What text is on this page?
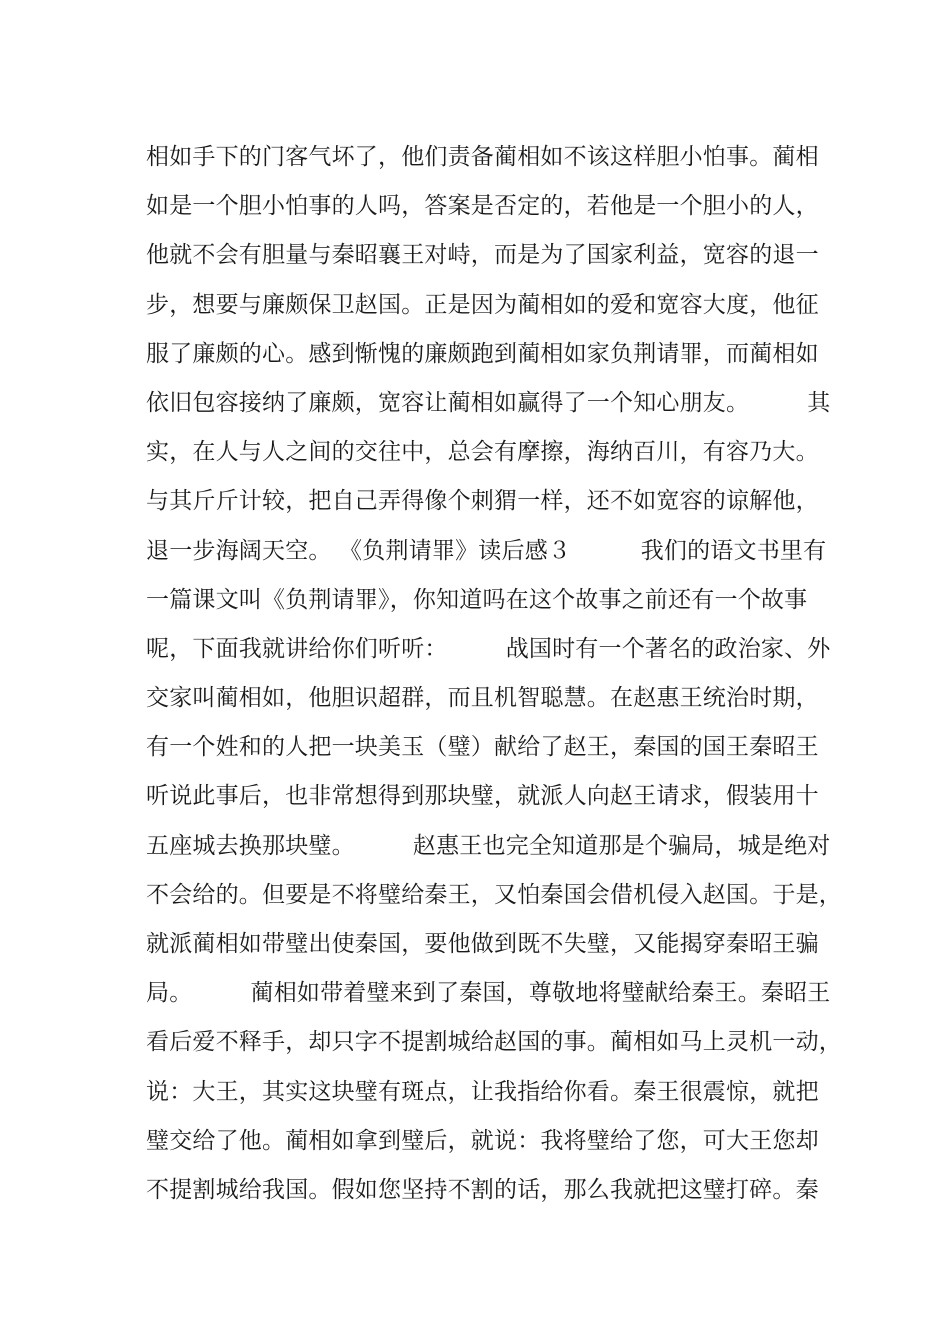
相如手下的门客气坏了，他们责备蔺相如不该这样胆小怕事。蔺相
如是一个胆小怕事的人吗，答案是否定的，若他是一个胆小的人，
他就不会有胆量与秦昭襄王对峙，而是为了国家利益，宽容的退一
步，想要与廉颇保卫赵国。正是因为蔺相如的爱和宽容大度，他征
服了廉颇的心。感到惭愧的廉颇跑到蔺相如家负荆请罪，而蔺相如
依旧包容接纳了廉颇，宽容让蔺相如赢得了一个知心朋友。　　　其
实，在人与人之间的交往中，总会有摩擦，海纳百川，有容乃大。
与其斤斤计较，把自己弄得像个刺猬一样，还不如宽容的谅解他，
退一步海阔天空。 《负荆请罪》读后感３　　　我们的语文书里有
一篇课文叫《负荆请罪》，你知道吗在这个故事之前还有一个故事
呢，下面我就讲给你们听听：　　　战国时有一个著名的政治家、外
交家叫蔺相如，他胆识超群，而且机智聪慧。在赵惠王统治时期，
有一个姓和的人把一块美玉（璧）献给了赵王，秦国的国王秦昭王
听说此事后，也非常想得到那块璧，就派人向赵王请求，假装用十
五座城去换那块璧。　　　赵惠王也完全知道那是个骗局，城是绝对
不会给的。但要是不将璧给秦王，又怕秦国会借机侵入赵国。于是，
就派蔺相如带璧出使秦国，要他做到既不失璧，又能揭穿秦昭王骗
局。　　　蔺相如带着璧来到了秦国，尊敬地将璧献给秦王。秦昭王
看后爱不释手，却只字不提割城给赵国的事。蔺相如马上灵机一动，
说：大王，其实这块璧有斑点，让我指给你看。秦王很震惊，就把
璧交给了他。蔺相如拿到璧后，就说：我将璧给了您，可大王您却
不提割城给我国。假如您坚持不割的话，那么我就把这璧打碎。秦
